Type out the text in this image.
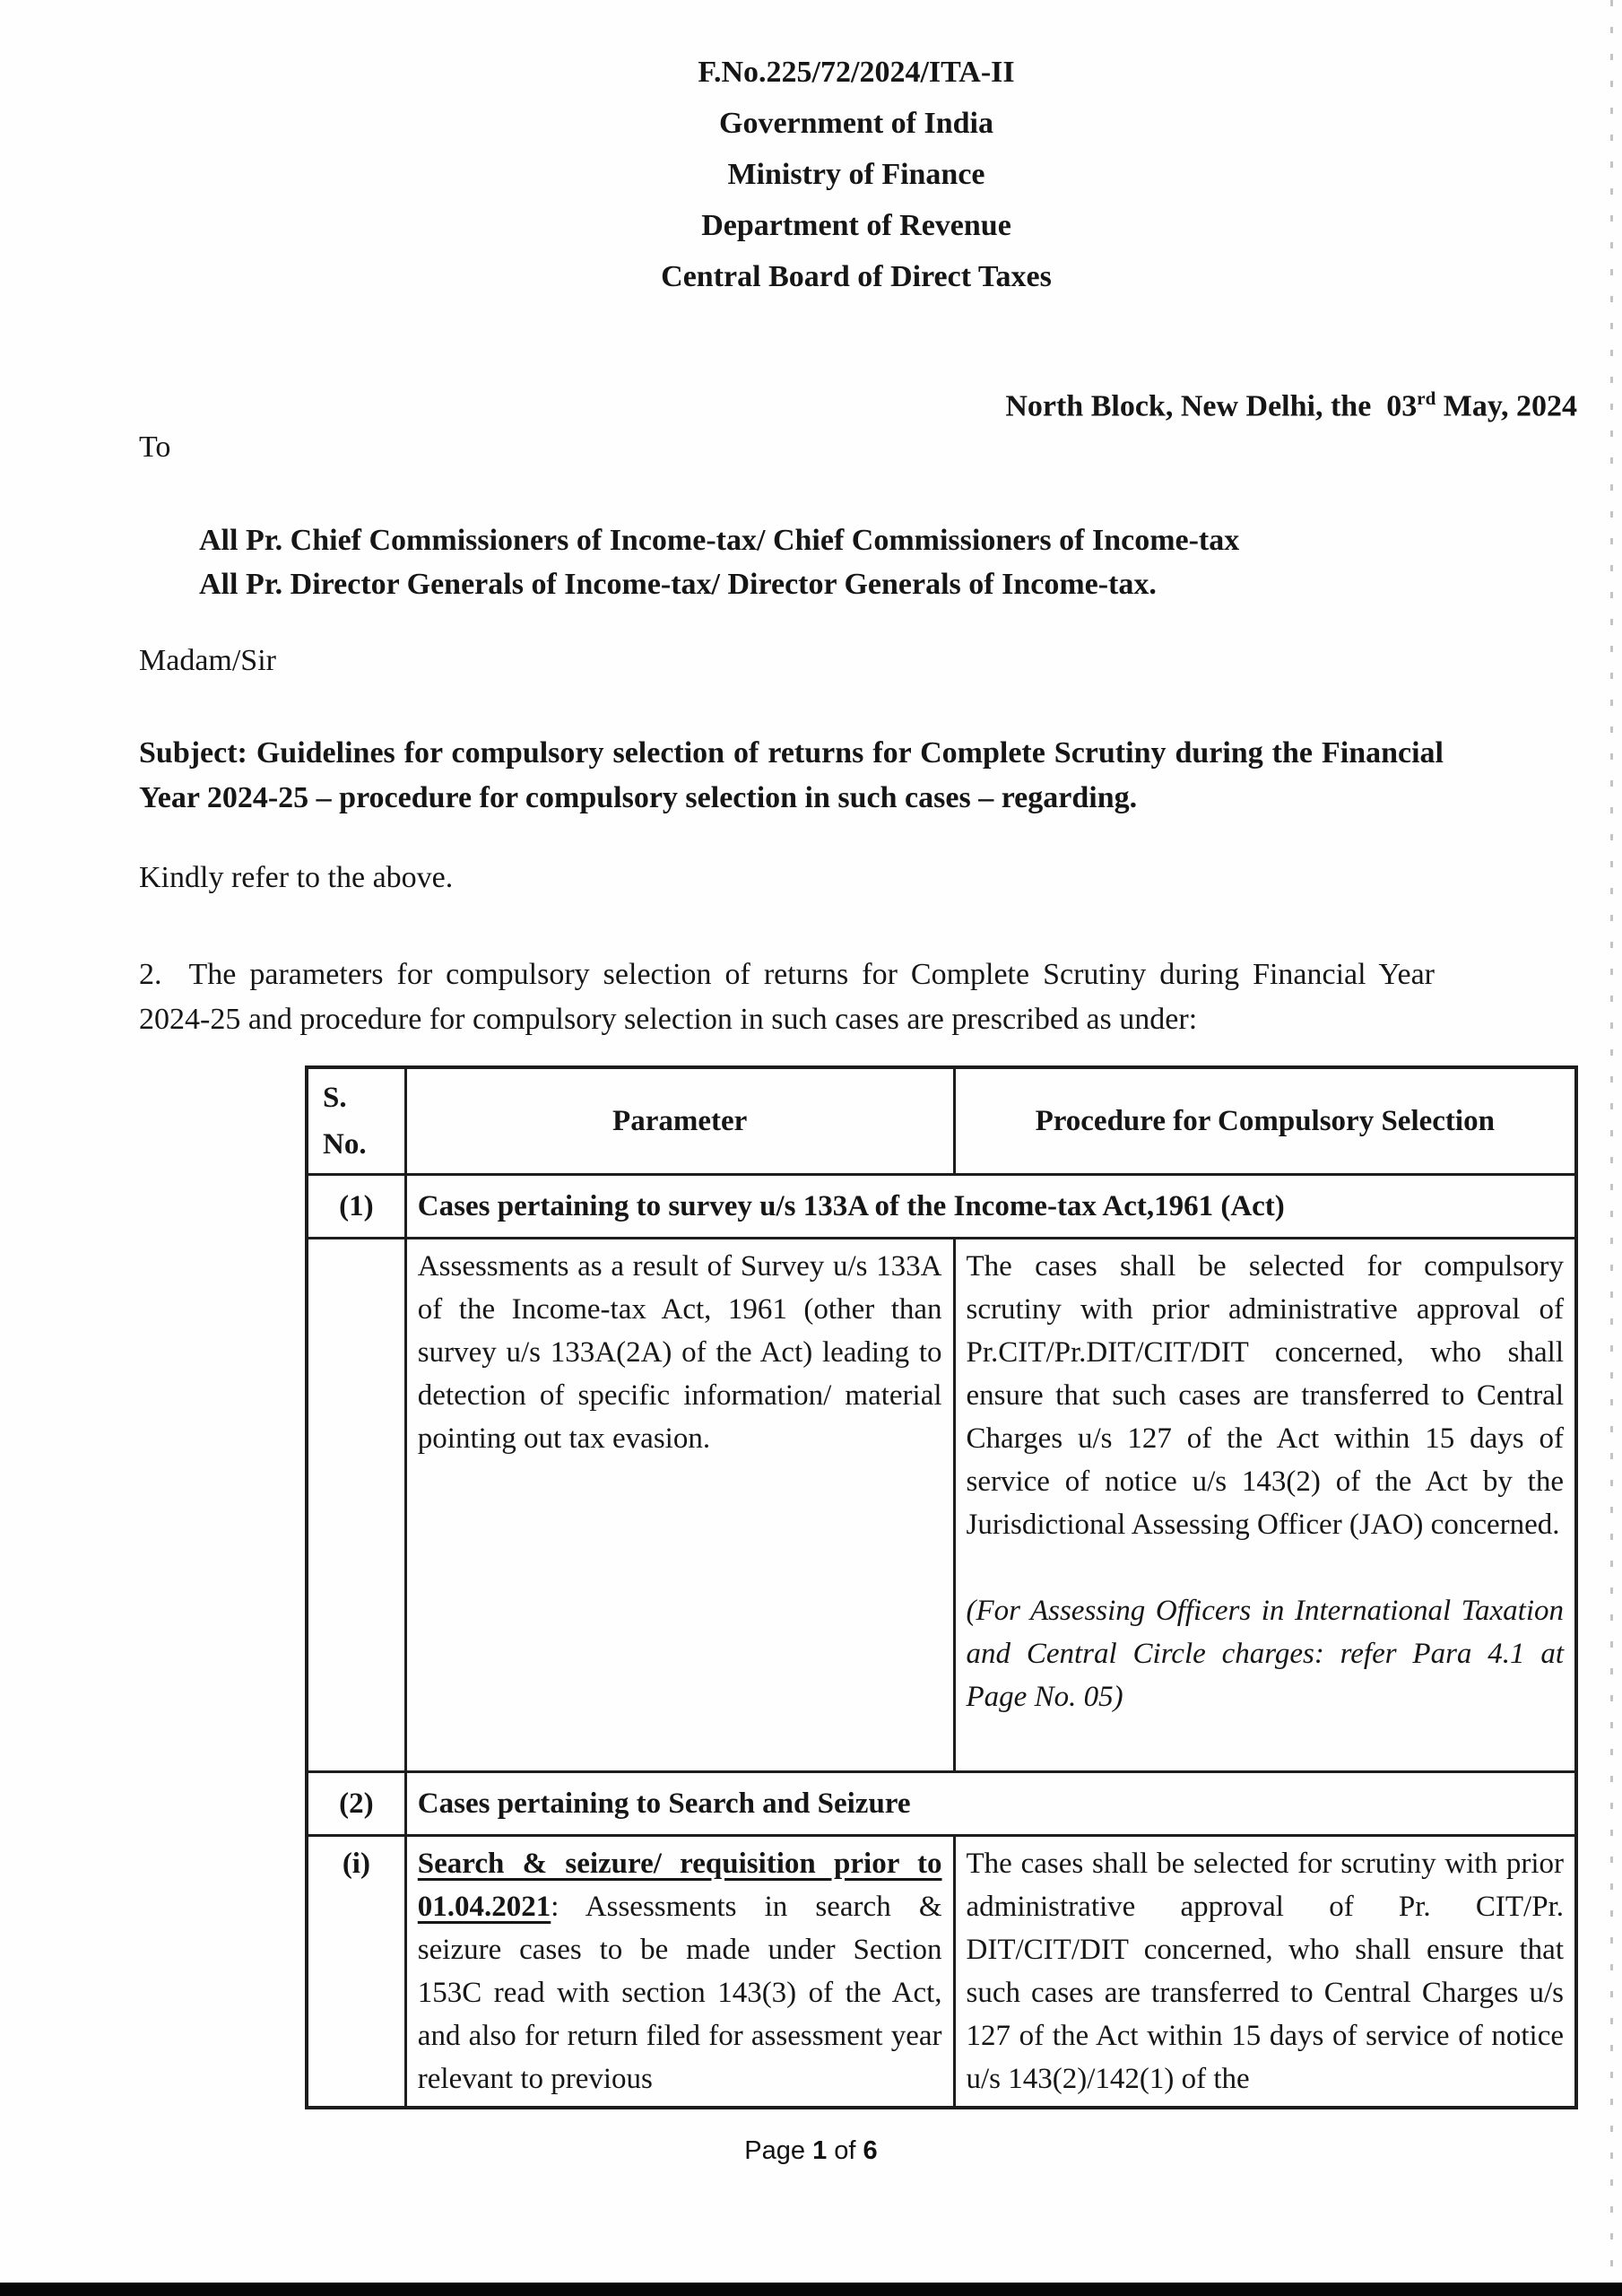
F.No.225/72/2024/ITA-II
Government of India
Ministry of Finance
Department of Revenue
Central Board of Direct Taxes
North Block, New Delhi, the  03rd May, 2024
To
All Pr. Chief Commissioners of Income-tax/ Chief Commissioners of Income-tax
All Pr. Director Generals of Income-tax/ Director Generals of Income-tax.
Madam/Sir
Subject: Guidelines for compulsory selection of returns for Complete Scrutiny during the Financial Year 2024-25 – procedure for compulsory selection in such cases – regarding.
Kindly refer to the above.
2. The parameters for compulsory selection of returns for Complete Scrutiny during Financial Year 2024-25 and procedure for compulsory selection in such cases are prescribed as under:
S.
No.	Parameter	Procedure for Compulsory Selection
(1)	Cases pertaining to survey u/s 133A of the Income-tax Act,1961 (Act)	
	Assessments as a result of Survey u/s 133A of the Income-tax Act, 1961 (other than survey u/s 133A(2A) of the Act) leading to detection of specific information/ material pointing out tax evasion.	The cases shall be selected for compulsory scrutiny with prior administrative approval of Pr.CIT/Pr.DIT/CIT/DIT concerned, who shall ensure that such cases are transferred to Central Charges u/s 127 of the Act within 15 days of service of notice u/s 143(2) of the Act by the Jurisdictional Assessing Officer (JAO) concerned.
(For Assessing Officers in International Taxation and Central Circle charges: refer Para 4.1 at Page No. 05)

(2)	Cases pertaining to Search and Seizure	
(i)	Search & seizure/ requisition prior to 01.04.2021: Assessments in search & seizure cases to be made under Section 153C read with section 143(3) of the Act, and also for return filed for assessment year relevant to previous	The cases shall be selected for scrutiny with prior administrative approval of Pr. CIT/Pr. DIT/CIT/DIT concerned, who shall ensure that such cases are transferred to Central Charges u/s 127 of the Act within 15 days of service of notice u/s 143(2)/142(1) of the
Page 1 of 6
